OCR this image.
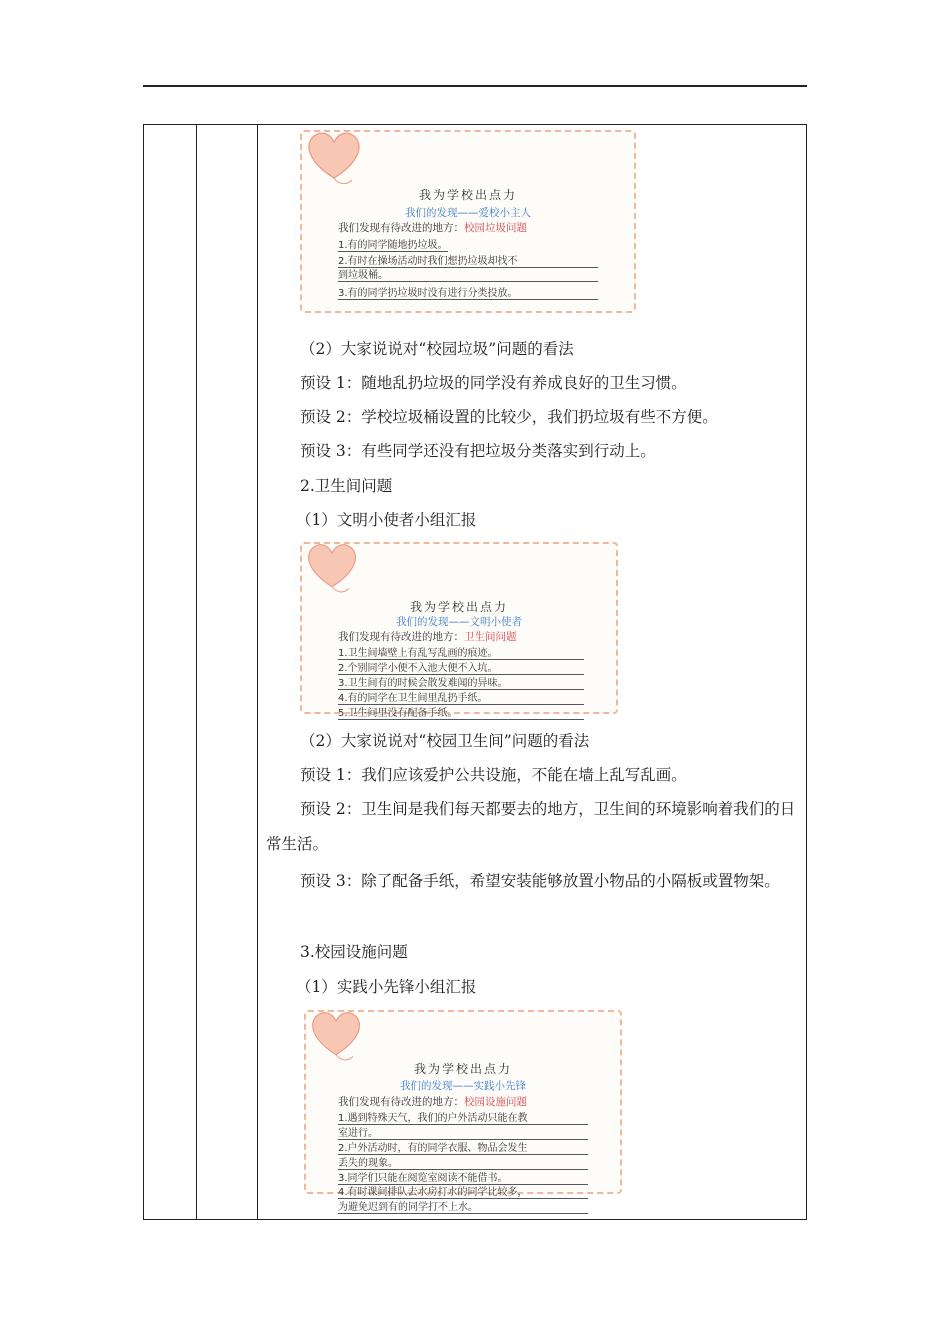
我为学校出点力
我们的发现——爱校小主人
我们发现有待改进的地方：校园垃圾问题
1.有的同学随地扔垃圾。
2.有时在操场活动时我们想扔垃圾却找不
到垃圾桶。
3.有的同学扔垃圾时没有进行分类投放。
（2）大家说说对“校园垃圾”问题的看法
预设 1：随地乱扔垃圾的同学没有养成良好的卫生习惯。
预设 2：学校垃圾桶设置的比较少，我们扔垃圾有些不方便。
预设 3：有些同学还没有把垃圾分类落实到行动上。
2.卫生间问题
（1）文明小使者小组汇报
我为学校出点力
我们的发现——文明小使者
我们发现有待改进的地方：卫生间问题
1.卫生间墙壁上有乱写乱画的痕迹。
2.个别同学小便不入池大便不入坑。
3.卫生间有的时候会散发难闻的异味。
4.有的同学在卫生间里乱扔手纸。
5.卫生间里没有配备手纸。
（2）大家说说对“校园卫生间”问题的看法
预设 1：我们应该爱护公共设施，不能在墙上乱写乱画。
预设 2：卫生间是我们每天都要去的地方，卫生间的环境影响着我们的日常生活。
预设 3：除了配备手纸，希望安装能够放置小物品的小隔板或置物架。
3.校园设施问题
（1）实践小先锋小组汇报
我为学校出点力
我们的发现——实践小先锋
我们发现有待改进的地方：校园设施问题
1.遇到特殊天气，我们的户外活动只能在教
室进行。
2.户外活动时，有的同学衣服、物品会发生
丢失的现象。
3.同学们只能在阅览室阅读不能借书。
4.有时课间排队去水房打水的同学比较多，
为避免迟到有的同学打不上水。
